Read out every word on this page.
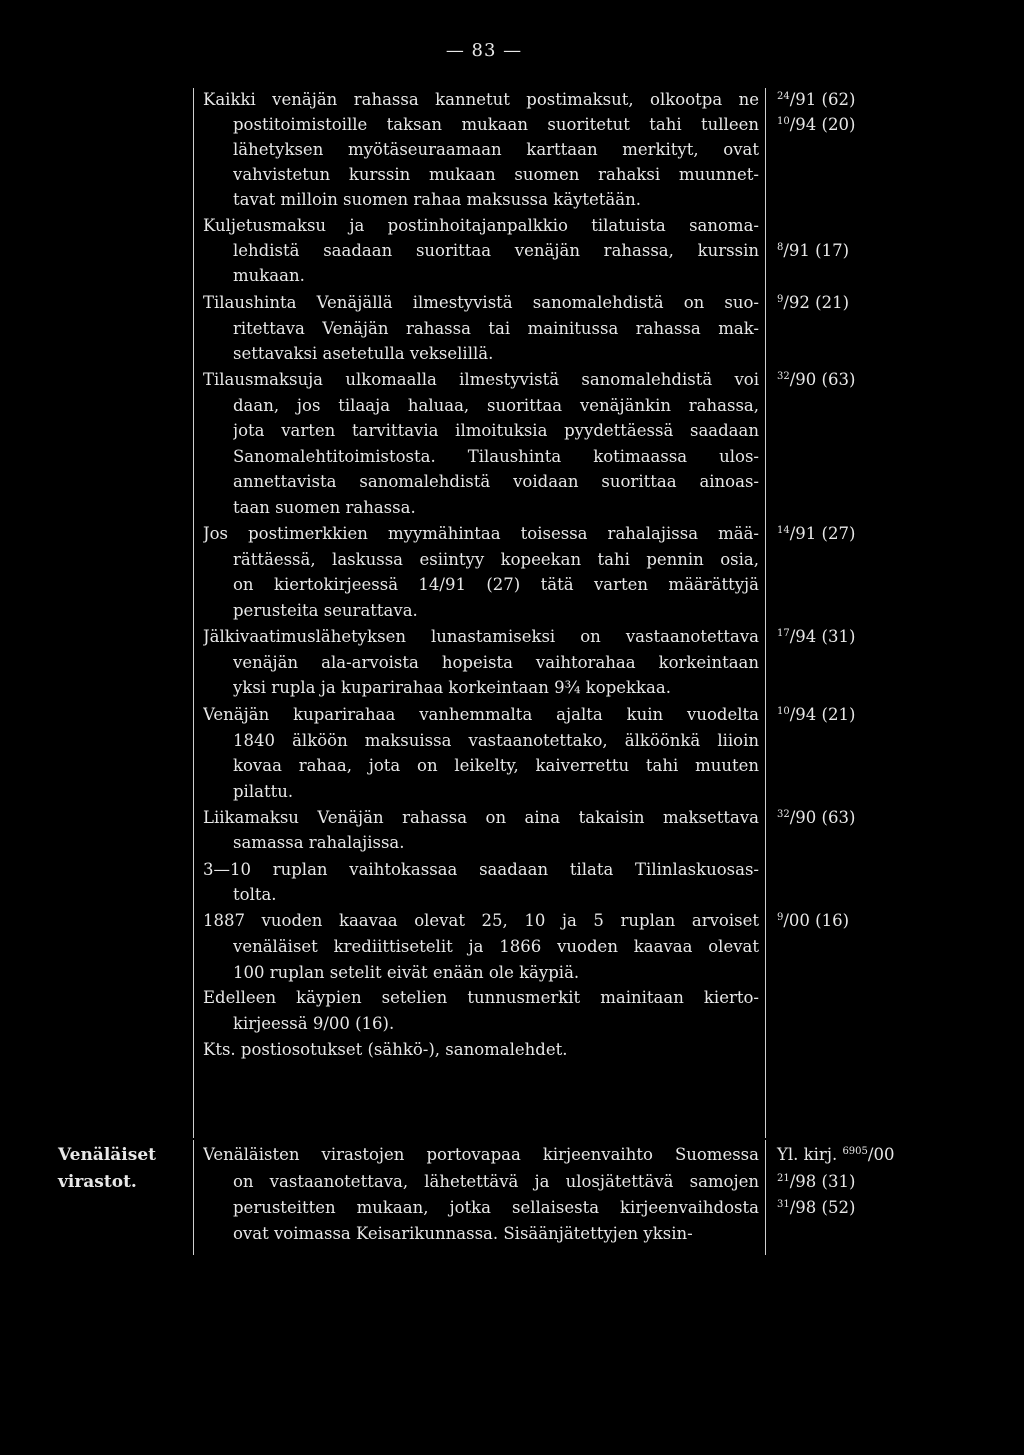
— 83 —
Kaikki venäjän rahassa kannetut postimaksut, olkootpa ne
postitoimistoille taksan mukaan suoritetut tahi tulleen
lähetyksen myötäseuraamaan karttaan merkityt, ovat
vahvistetun kurssin mukaan suomen rahaksi muunnet-
tavat milloin suomen rahaa maksussa käytetään.
Kuljetusmaksu ja postinhoitajanpalkkio tilatuista sanoma-
lehdistä saadaan suorittaa venäjän rahassa, kurssin
mukaan.
Tilaushinta Venäjällä ilmestyvistä sanomalehdistä on suo-
ritettava Venäjän rahassa tai mainitussa rahassa mak-
settavaksi asetetulla vekselillä.
Tilausmaksuja ulkomaalla ilmestyvistä sanomalehdistä voi
daan, jos tilaaja haluaa, suorittaa venäjänkin rahassa,
jota varten tarvittavia ilmoituksia pyydettäessä saadaan
Sanomalehtitoimistosta. Tilaushinta kotimaassa ulos-
annettavista sanomalehdistä voidaan suorittaa ainoas-
taan suomen rahassa.
Jos postimerkkien myymähintaa toisessa rahalajissa mää-
rättäessä, laskussa esiintyy kopeekan tahi pennin osia,
on kiertokirjeessä 14/91 (27) tätä varten määrättyjä
perusteita seurattava.
Jälkivaatimuslähetyksen lunastamiseksi on vastaanotettava
venäjän ala-arvoista hopeista vaihtorahaa korkeintaan
yksi rupla ja kuparirahaa korkeintaan 9¾ kopekkaa.
Venäjän kuparirahaa vanhemmalta ajalta kuin vuodelta
1840 älköön maksuissa vastaanotettako, älköönkä liioin
kovaa rahaa, jota on leikelty, kaiverrettu tahi muuten
pilattu.
Liikamaksu Venäjän rahassa on aina takaisin maksettava
samassa rahalajissa.
3—10 ruplan vaihtokassaa saadaan tilata Tilinlaskuosas-
tolta.
1887 vuoden kaavaa olevat 25, 10 ja 5 ruplan arvoiset
venäläiset krediittisetelit ja 1866 vuoden kaavaa olevat
100 ruplan setelit eivät enään ole käypiä.
Edelleen käypien setelien tunnusmerkit mainitaan kierto-
kirjeessä 9/00 (16).
Kts. postiosotukset (sähkö-), sanomalehdet.
Venäläisten virastojen portovapaa kirjeenvaihto Suomessa
on vastaanotettava, lähetettävä ja ulosjätettävä samojen
perusteitten mukaan, jotka sellaisesta kirjeenvaihdosta
ovat voimassa Keisarikunnassa. Sisäänjätettyjen yksin-
$^{24}$/91 (62)
$^{10}$/94 (20)
$^8$/91 (17)
$^9$/92 (21)
$^{32}$/90 (63)
$^{14}$/91 (27)
$^{17}$/94 (31)
$^{10}$/94 (21)
$^{32}$/90 (63)
$^9$/00 (16)
Yl. kirj. $^{6905}$/00
$^{21}$/98 (31)
$^{31}$/98 (52)
Venäläiset
virastot.
